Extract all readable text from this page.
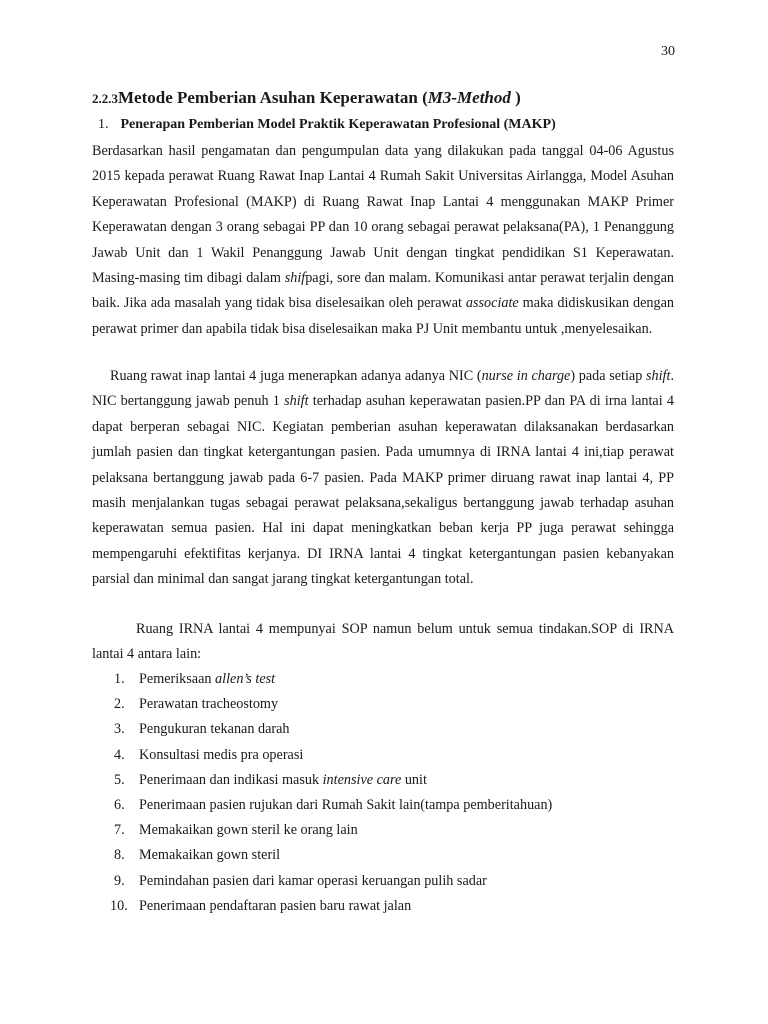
30
2.2.3Metode Pemberian Asuhan Keperawatan (M3-Method )
1. Penerapan Pemberian Model Praktik Keperawatan Profesional (MAKP)

Berdasarkan hasil pengamatan dan pengumpulan data yang dilakukan pada tanggal 04-06 Agustus 2015 kepada perawat Ruang Rawat Inap Lantai 4 Rumah Sakit Universitas Airlangga, Model Asuhan Keperawatan Profesional (MAKP) di Ruang Rawat Inap Lantai 4 menggunakan MAKP Primer Keperawatan dengan 3 orang sebagai PP dan 10 orang sebagai perawat pelaksana(PA), 1 Penanggung Jawab Unit dan 1 Wakil Penanggung Jawab Unit dengan tingkat pendidikan S1 Keperawatan. Masing-masing tim dibagi dalam shifpagi, sore dan malam. Komunikasi antar perawat terjalin dengan baik. Jika ada masalah yang tidak bisa diselesaikan oleh perawat associate maka didiskusikan dengan perawat primer dan apabila tidak bisa diselesaikan maka PJ Unit membantu untuk ,menyelesaikan.

Ruang rawat inap lantai 4 juga menerapkan adanya adanya NIC (nurse in charge) pada setiap shift. NIC bertanggung jawab penuh 1 shift terhadap asuhan keperawatan pasien.PP dan PA di irna lantai 4 dapat berperan sebagai NIC. Kegiatan pemberian asuhan keperawatan dilaksanakan berdasarkan jumlah pasien dan tingkat ketergantungan pasien. Pada umumnya di IRNA lantai 4 ini,tiap perawat pelaksana bertanggung jawab pada 6-7 pasien. Pada MAKP primer diruang rawat inap lantai 4, PP masih menjalankan tugas sebagai perawat pelaksana,sekaligus bertanggung jawab terhadap asuhan keperawatan semua pasien. Hal ini dapat meningkatkan beban kerja PP juga perawat sehingga mempengaruhi efektifitas kerjanya. DI IRNA lantai 4 tingkat ketergantungan pasien kebanyakan parsial dan minimal dan sangat jarang tingkat ketergantungan total.

Ruang IRNA lantai 4 mempunyai SOP namun belum untuk semua tindakan.SOP di IRNA lantai 4 antara lain:

1. Pemeriksaan allen’s test
2. Perawatan tracheostomy
3. Pengukuran tekanan darah
4. Konsultasi medis pra operasi
5. Penerimaan dan indikasi masuk intensive care unit
6. Penerimaan pasien rujukan dari Rumah Sakit lain(tampa pemberitahuan)
7. Memakaikan gown steril ke orang lain
8. Memakaikan gown steril
9. Pemindahan pasien dari kamar operasi keruangan pulih sadar
10. Penerimaan pendaftaran pasien baru rawat jalan
